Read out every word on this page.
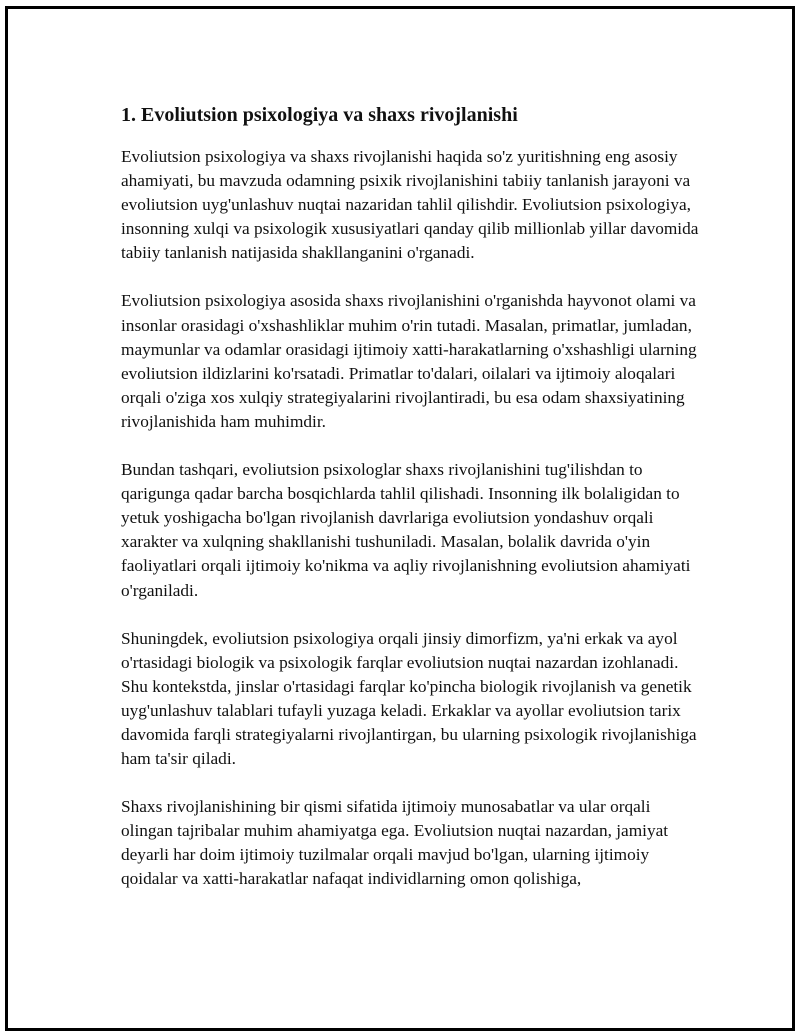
1. Evoliutsion psixologiya va shaxs rivojlanishi

Evoliutsion psixologiya va shaxs rivojlanishi haqida so'z yuritishning eng asosiy ahamiyati, bu mavzuda odamning psixik rivojlanishini tabiiy tanlanish jarayoni va evoliutsion uyg'unlashuv nuqtai nazaridan tahlil qilishdir. Evoliutsion psixologiya, insonning xulqi va psixologik xususiyatlari qanday qilib millionlab yillar davomida tabiiy tanlanish natijasida shakllanganini o'rganadi.

Evoliutsion psixologiya asosida shaxs rivojlanishini o'rganishda hayvonot olami va insonlar orasidagi o'xshashliklar muhim o'rin tutadi. Masalan, primatlar, jumladan, maymunlar va odamlar orasidagi ijtimoiy xatti-harakatlarning o'xshashligi ularning evoliutsion ildizlarini ko'rsatadi. Primatlar to'dalari, oilalari va ijtimoiy aloqalari orqali o'ziga xos xulqiy strategiyalarini rivojlantiradi, bu esa odam shaxsiyatining rivojlanishida ham muhimdir.

Bundan tashqari, evoliutsion psixologlar shaxs rivojlanishini tug'ilishdan to qarigunga qadar barcha bosqichlarda tahlil qilishadi. Insonning ilk bolaligidan to yetuk yoshigacha bo'lgan rivojlanish davrlariga evoliutsion yondashuv orqali xarakter va xulqning shakllanishi tushuniladi. Masalan, bolalik davrida o'yin faoliyatlari orqali ijtimoiy ko'nikma va aqliy rivojlanishning evoliutsion ahamiyati o'rganiladi.

Shuningdek, evoliutsion psixologiya orqali jinsiy dimorfizm, ya'ni erkak va ayol o'rtasidagi biologik va psixologik farqlar evoliutsion nuqtai nazardan izohlanadi. Shu kontekstda, jinslar o'rtasidagi farqlar ko'pincha biologik rivojlanish va genetik uyg'unlashuv talablari tufayli yuzaga keladi. Erkaklar va ayollar evoliutsion tarix davomida farqli strategiyalarni rivojlantirgan, bu ularning psixologik rivojlanishiga ham ta'sir qiladi.

Shaxs rivojlanishining bir qismi sifatida ijtimoiy munosabatlar va ular orqali olingan tajribalar muhim ahamiyatga ega. Evoliutsion nuqtai nazardan, jamiyat deyarli har doim ijtimoiy tuzilmalar orqali mavjud bo'lgan, ularning ijtimoiy qoidalar va xatti-harakatlar nafaqat individlarning omon qolishiga,
